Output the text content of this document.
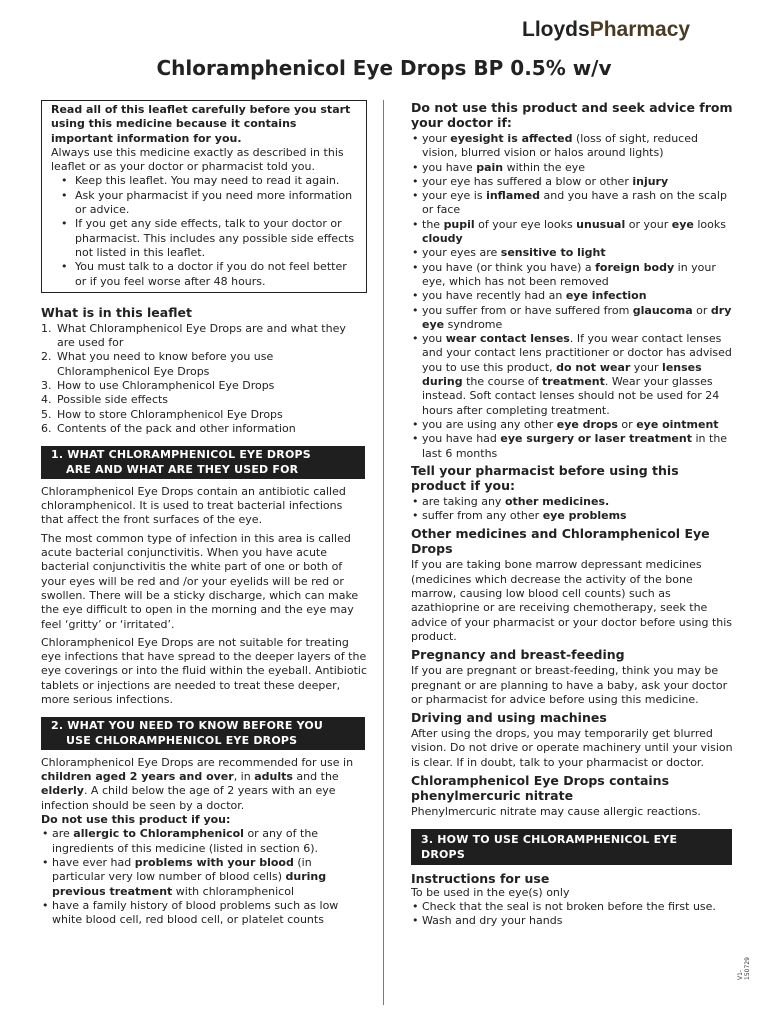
LloydsPharmacy
Chloramphenicol Eye Drops BP 0.5% w/v

Read all of this leaflet carefully before you start using this medicine because it contains important information for you.

Always use this medicine exactly as described in this leaflet or as your doctor or pharmacist told you.

• Keep this leaflet. You may need to read it again.
• Ask your pharmacist if you need more information or advice.
• If you get any side effects, talk to your doctor or pharmacist. This includes any possible side effects not listed in this leaflet.
• You must talk to a doctor if you do not feel better or if you feel worse after 48 hours.
What is in this leaflet
1. What Chloramphenicol Eye Drops are and what they are used for
2. What you need to know before you use Chloramphenicol Eye Drops
3. How to use Chloramphenicol Eye Drops
4. Possible side effects
5. How to store Chloramphenicol Eye Drops
6. Contents of the pack and other information
1. WHAT CHLORAMPHENICOL EYE DROPS
ARE AND WHAT ARE THEY USED FOR

Chloramphenicol Eye Drops contain an antibiotic called chloramphenicol. It is used to treat bacterial infections that affect the front surfaces of the eye.

The most common type of infection in this area is called acute bacterial conjunctivitis. When you have acute bacterial conjunctivitis the white part of one or both of your eyes will be red and /or your eyelids will be red or swollen. There will be a sticky discharge, which can make the eye difficult to open in the morning and the eye may feel ‘gritty’ or ‘irritated’.

Chloramphenicol Eye Drops are not suitable for treating eye infections that have spread to the deeper layers of the eye coverings or into the fluid within the eyeball. Antibiotic tablets or injections are needed to treat these deeper, more serious infections.

2. WHAT YOU NEED TO KNOW BEFORE YOU
USE CHLORAMPHENICOL EYE DROPS

Chloramphenicol Eye Drops are recommended for use in children aged 2 years and over, in adults and the elderly. A child below the age of 2 years with an eye infection should be seen by a doctor.

Do not use this product if you:

• are allergic to Chloramphenicol or any of the ingredients of this medicine (listed in section 6).
• have ever had problems with your blood (in particular very low number of blood cells) during previous treatment with chloramphenicol
• have a family history of blood problems such as low white blood cell, red blood cell, or platelet counts
Do not use this product and seek advice from your doctor if:
• your eyesight is affected (loss of sight, reduced vision, blurred vision or halos around lights)
• you have pain within the eye
• your eye has suffered a blow or other injury
• your eye is inflamed and you have a rash on the scalp or face
• the pupil of your eye looks unusual or your eye looks cloudy
• your eyes are sensitive to light
• you have (or think you have) a foreign body in your eye, which has not been removed
• you have recently had an eye infection
• you suffer from or have suffered from glaucoma or dry eye syndrome
• you wear contact lenses. If you wear contact lenses and your contact lens practitioner or doctor has advised you to use this product, do not wear your lenses during the course of treatment. Wear your glasses instead. Soft contact lenses should not be used for 24 hours after completing treatment.
• you are using any other eye drops or eye ointment
• you have had eye surgery or laser treatment in the last 6 months
Tell your pharmacist before using this product if you:
• are taking any other medicines.
• suffer from any other eye problems
Other medicines and Chloramphenicol Eye Drops

If you are taking bone marrow depressant medicines (medicines which decrease the activity of the bone marrow, causing low blood cell counts) such as azathioprine or are receiving chemotherapy, seek the advice of your pharmacist or your doctor before using this product.

Pregnancy and breast-feeding

If you are pregnant or breast-feeding, think you may be pregnant or are planning to have a baby, ask your doctor or pharmacist for advice before using this medicine.

Driving and using machines

After using the drops, you may temporarily get blurred vision. Do not drive or operate machinery until your vision is clear. If in doubt, talk to your pharmacist or doctor.

Chloramphenicol Eye Drops contains phenylmercuric nitrate

Phenylmercuric nitrate may cause allergic reactions.

3. HOW TO USE CHLORAMPHENICOL EYE DROPS
Instructions for use

To be used in the eye(s) only

• Check that the seal is not broken before the first use.
• Wash and dry your hands
V1-150729
